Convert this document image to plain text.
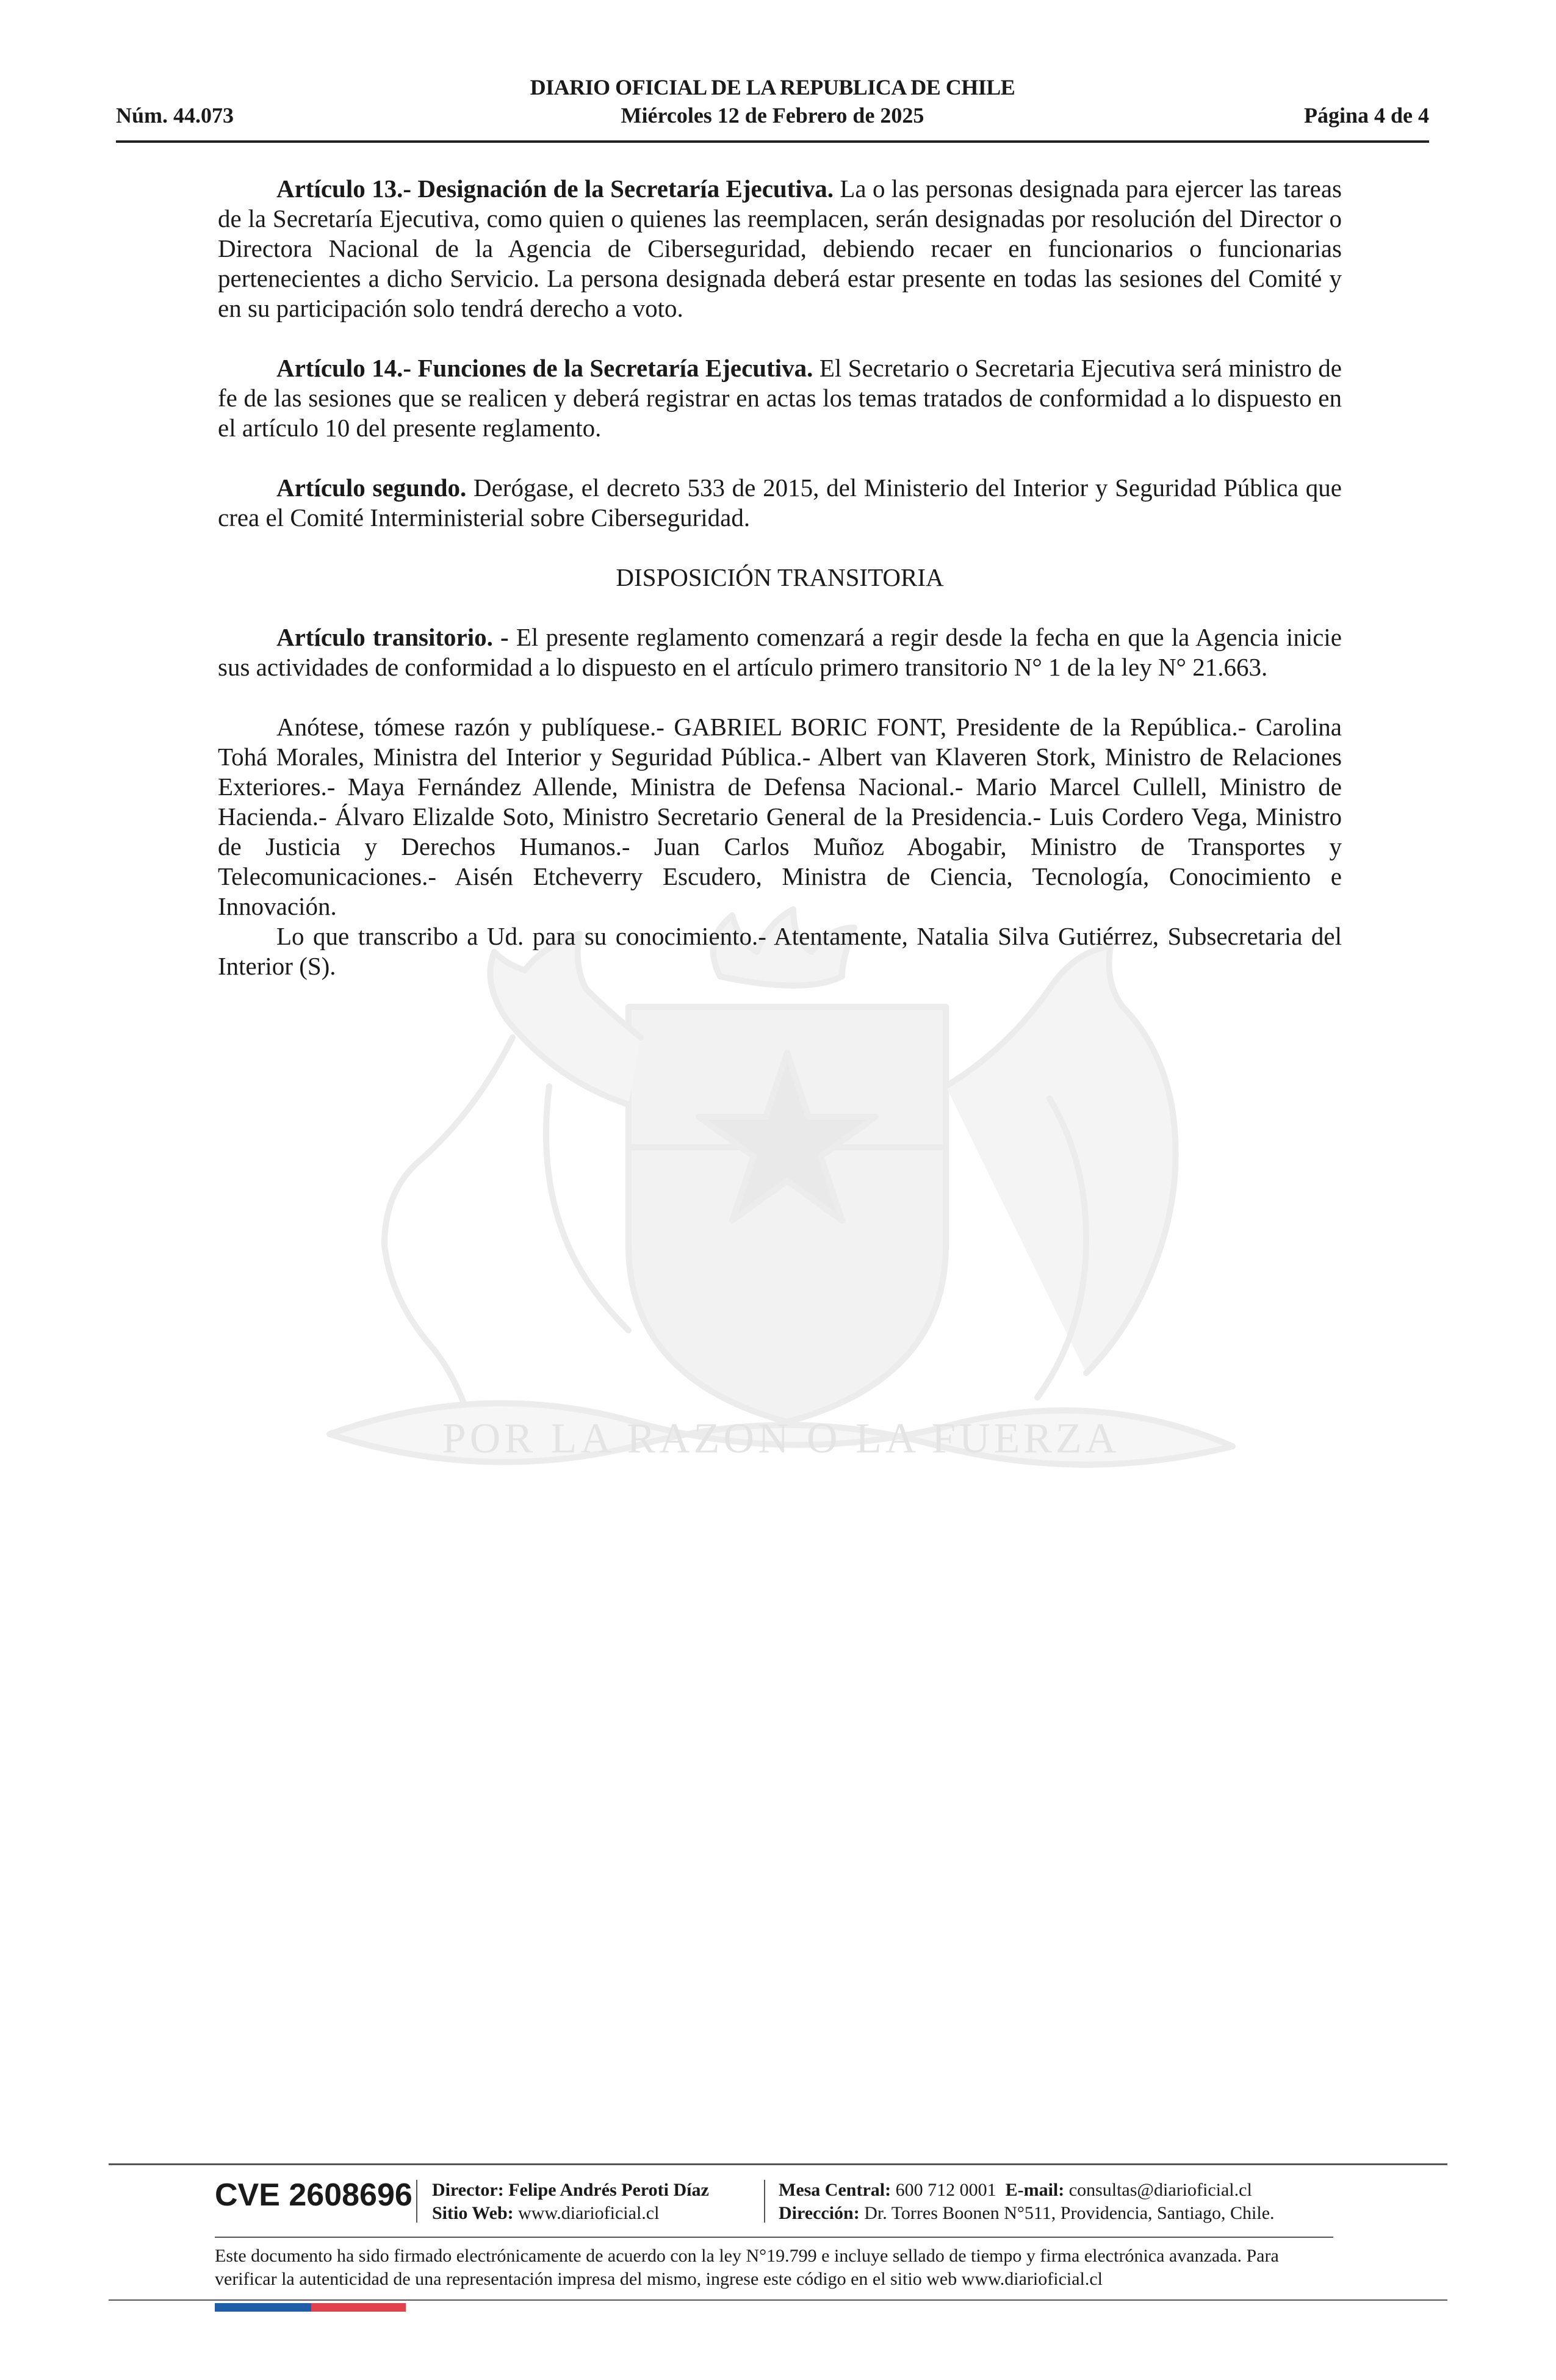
DIARIO OFICIAL DE LA REPUBLICA DE CHILE
Núm. 44.073	Miércoles 12 de Febrero de 2025	Página 4 de 4
POR LA RAZON O LA FUERZA

Artículo 13.- Designación de la Secretaría Ejecutiva. La o las personas designada para ejercer las tareas de la Secretaría Ejecutiva, como quien o quienes las reemplacen, serán designadas por resolución del Director o Directora Nacional de la Agencia de Ciberseguridad, debiendo recaer en funcionarios o funcionarias pertenecientes a dicho Servicio. La persona designada deberá estar presente en todas las sesiones del Comité y en su participación solo tendrá derecho a voto.

Artículo 14.- Funciones de la Secretaría Ejecutiva. El Secretario o Secretaria Ejecutiva será ministro de fe de las sesiones que se realicen y deberá registrar en actas los temas tratados de conformidad a lo dispuesto en el artículo 10 del presente reglamento.

Artículo segundo. Derógase, el decreto 533 de 2015, del Ministerio del Interior y Seguridad Pública que crea el Comité Interministerial sobre Ciberseguridad.

DISPOSICIÓN TRANSITORIA

Artículo transitorio. - El presente reglamento comenzará a regir desde la fecha en que la Agencia inicie sus actividades de conformidad a lo dispuesto en el artículo primero transitorio N° 1 de la ley N° 21.663.

Anótese, tómese razón y publíquese.- GABRIEL BORIC FONT, Presidente de la República.- Carolina Tohá Morales, Ministra del Interior y Seguridad Pública.- Albert van Klaveren Stork, Ministro de Relaciones Exteriores.- Maya Fernández Allende, Ministra de Defensa Nacional.- Mario Marcel Cullell, Ministro de Hacienda.- Álvaro Elizalde Soto, Ministro Secretario General de la Presidencia.- Luis Cordero Vega, Ministro de Justicia y Derechos Humanos.- Juan Carlos Muñoz Abogabir, Ministro de Transportes y Telecomunicaciones.- Aisén Etcheverry Escudero, Ministra de Ciencia, Tecnología, Conocimiento e Innovación.

Lo que transcribo a Ud. para su conocimiento.- Atentamente, Natalia Silva Gutiérrez, Subsecretaria del Interior (S).

CVE 2608696 Director: Felipe Andrés Peroti Díaz
Sitio Web: www.diarioficial.cl
Mesa Central: 600 712 0001 E-mail: consultas@diarioficial.cl
Dirección: Dr. Torres Boonen N°511, Providencia, Santiago, Chile.
Este documento ha sido firmado electrónicamente de acuerdo con la ley N°19.799 e incluye sellado de tiempo y firma electrónica avanzada. Para verificar la autenticidad de una representación impresa del mismo, ingrese este código en el sitio web www.diarioficial.cl
